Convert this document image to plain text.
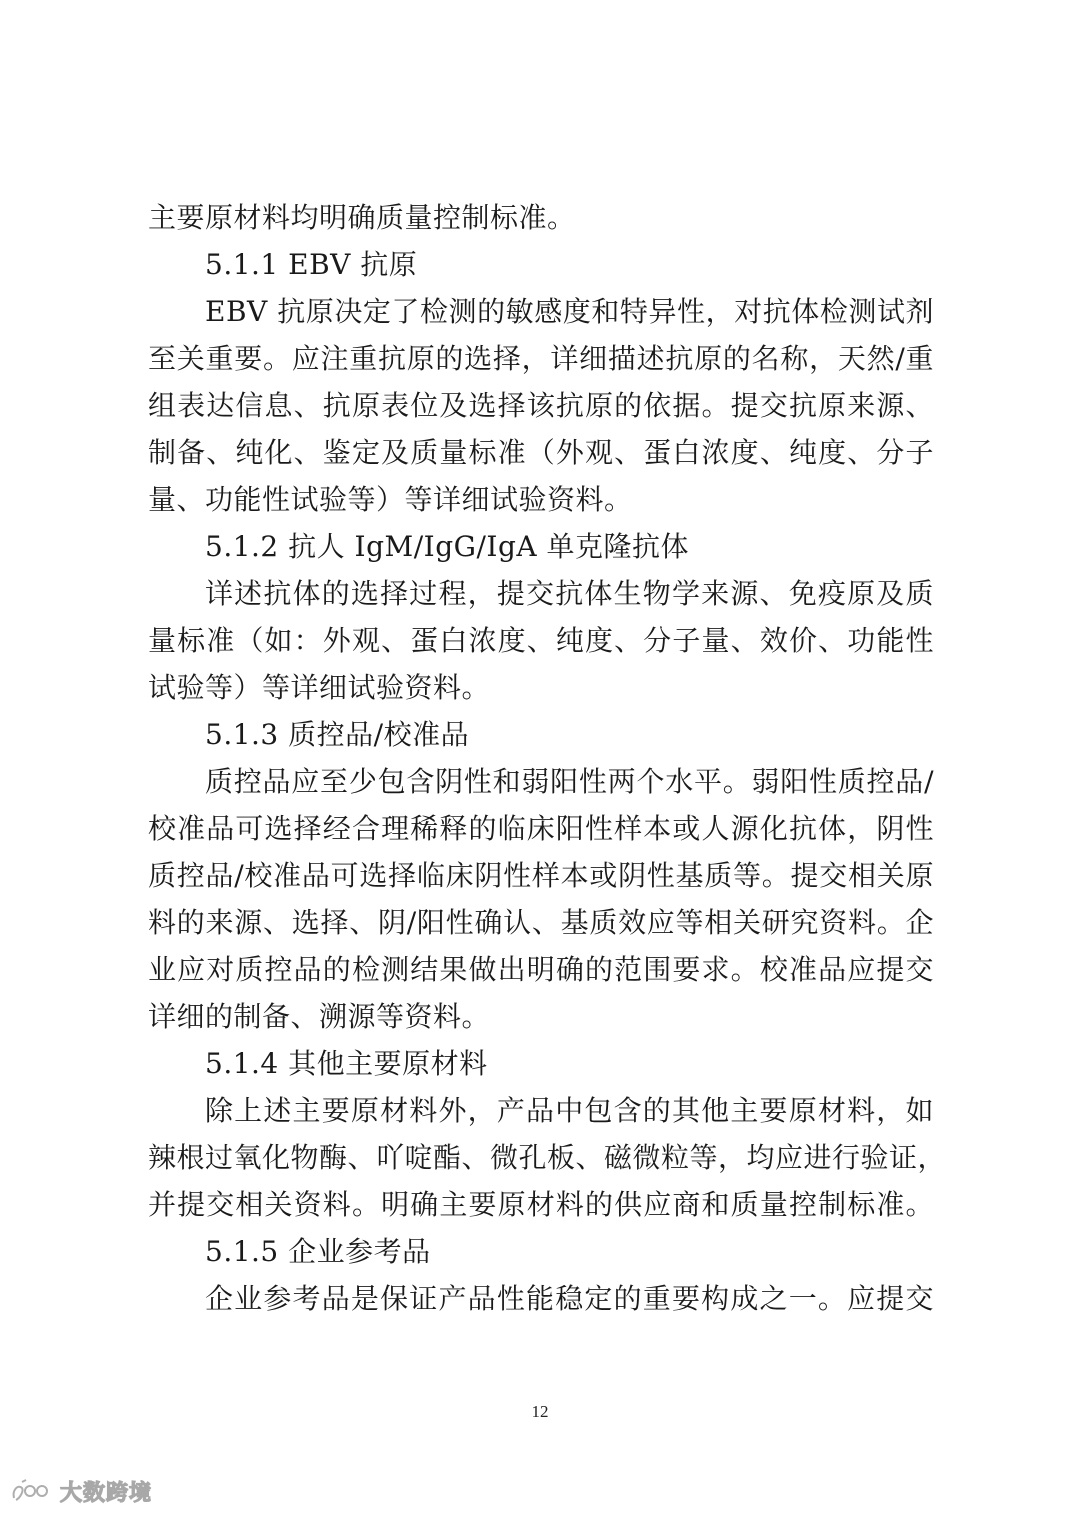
主要原材料均明确质量控制标准。
5.1.1 EBV 抗原
EBV 抗原决定了检测的敏感度和特异性，对抗体检测试剂
至关重要。应注重抗原的选择，详细描述抗原的名称，天然/重
组表达信息、抗原表位及选择该抗原的依据。提交抗原来源、
制备、纯化、鉴定及质量标准（外观、蛋白浓度、纯度、分子
量、功能性试验等）等详细试验资料。
5.1.2 抗人 IgM/IgG/IgA 单克隆抗体
详述抗体的选择过程，提交抗体生物学来源、免疫原及质
量标准（如：外观、蛋白浓度、纯度、分子量、效价、功能性
试验等）等详细试验资料。
5.1.3 质控品/校准品
质控品应至少包含阴性和弱阳性两个水平。弱阳性质控品/
校准品可选择经合理稀释的临床阳性样本或人源化抗体，阴性
质控品/校准品可选择临床阴性样本或阴性基质等。提交相关原
料的来源、选择、阴/阳性确认、基质效应等相关研究资料。企
业应对质控品的检测结果做出明确的范围要求。校准品应提交
详细的制备、溯源等资料。
5.1.4 其他主要原材料
除上述主要原材料外，产品中包含的其他主要原材料，如
辣根过氧化物酶、吖啶酯、微孔板、磁微粒等，均应进行验证，
并提交相关资料。明确主要原材料的供应商和质量控制标准。
5.1.5 企业参考品
企业参考品是保证产品性能稳定的重要构成之一。应提交
12
大数跨境
